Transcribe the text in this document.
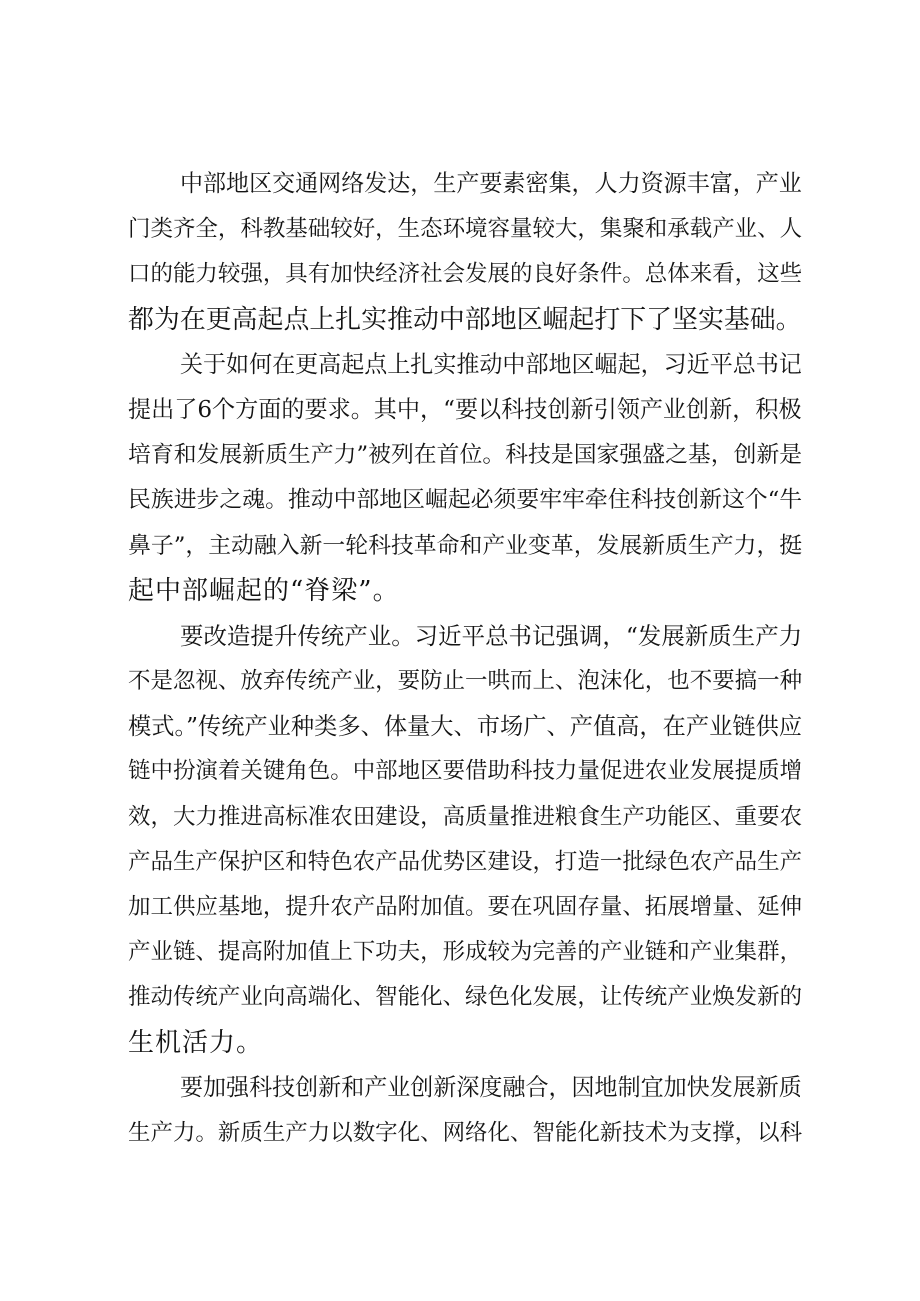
中部地区交通网络发达，生产要素密集，人力资源丰富，产业
门类齐全，科教基础较好，生态环境容量较大，集聚和承载产业、人
口的能力较强，具有加快经济社会发展的良好条件。总体来看，这些
都为在更高起点上扎实推动中部地区崛起打下了坚实基础。
关于如何在更高起点上扎实推动中部地区崛起，习近平总书记
提出了6个方面的要求。其中，“要以科技创新引领产业创新，积极
培育和发展新质生产力”被列在首位。科技是国家强盛之基，创新是
民族进步之魂。推动中部地区崛起必须要牢牢牵住科技创新这个“牛
鼻子”，主动融入新一轮科技革命和产业变革，发展新质生产力，挺
起中部崛起的“脊梁”。
要改造提升传统产业。习近平总书记强调，“发展新质生产力
不是忽视、放弃传统产业，要防止一哄而上、泡沫化，也不要搞一种
模式。”传统产业种类多、体量大、市场广、产值高，在产业链供应
链中扮演着关键角色。中部地区要借助科技力量促进农业发展提质增
效，大力推进高标准农田建设，高质量推进粮食生产功能区、重要农
产品生产保护区和特色农产品优势区建设，打造一批绿色农产品生产
加工供应基地，提升农产品附加值。要在巩固存量、拓展增量、延伸
产业链、提高附加值上下功夫，形成较为完善的产业链和产业集群，
推动传统产业向高端化、智能化、绿色化发展，让传统产业焕发新的
生机活力。
要加强科技创新和产业创新深度融合，因地制宜加快发展新质
生产力。新质生产力以数字化、网络化、智能化新技术为支撑，以科
